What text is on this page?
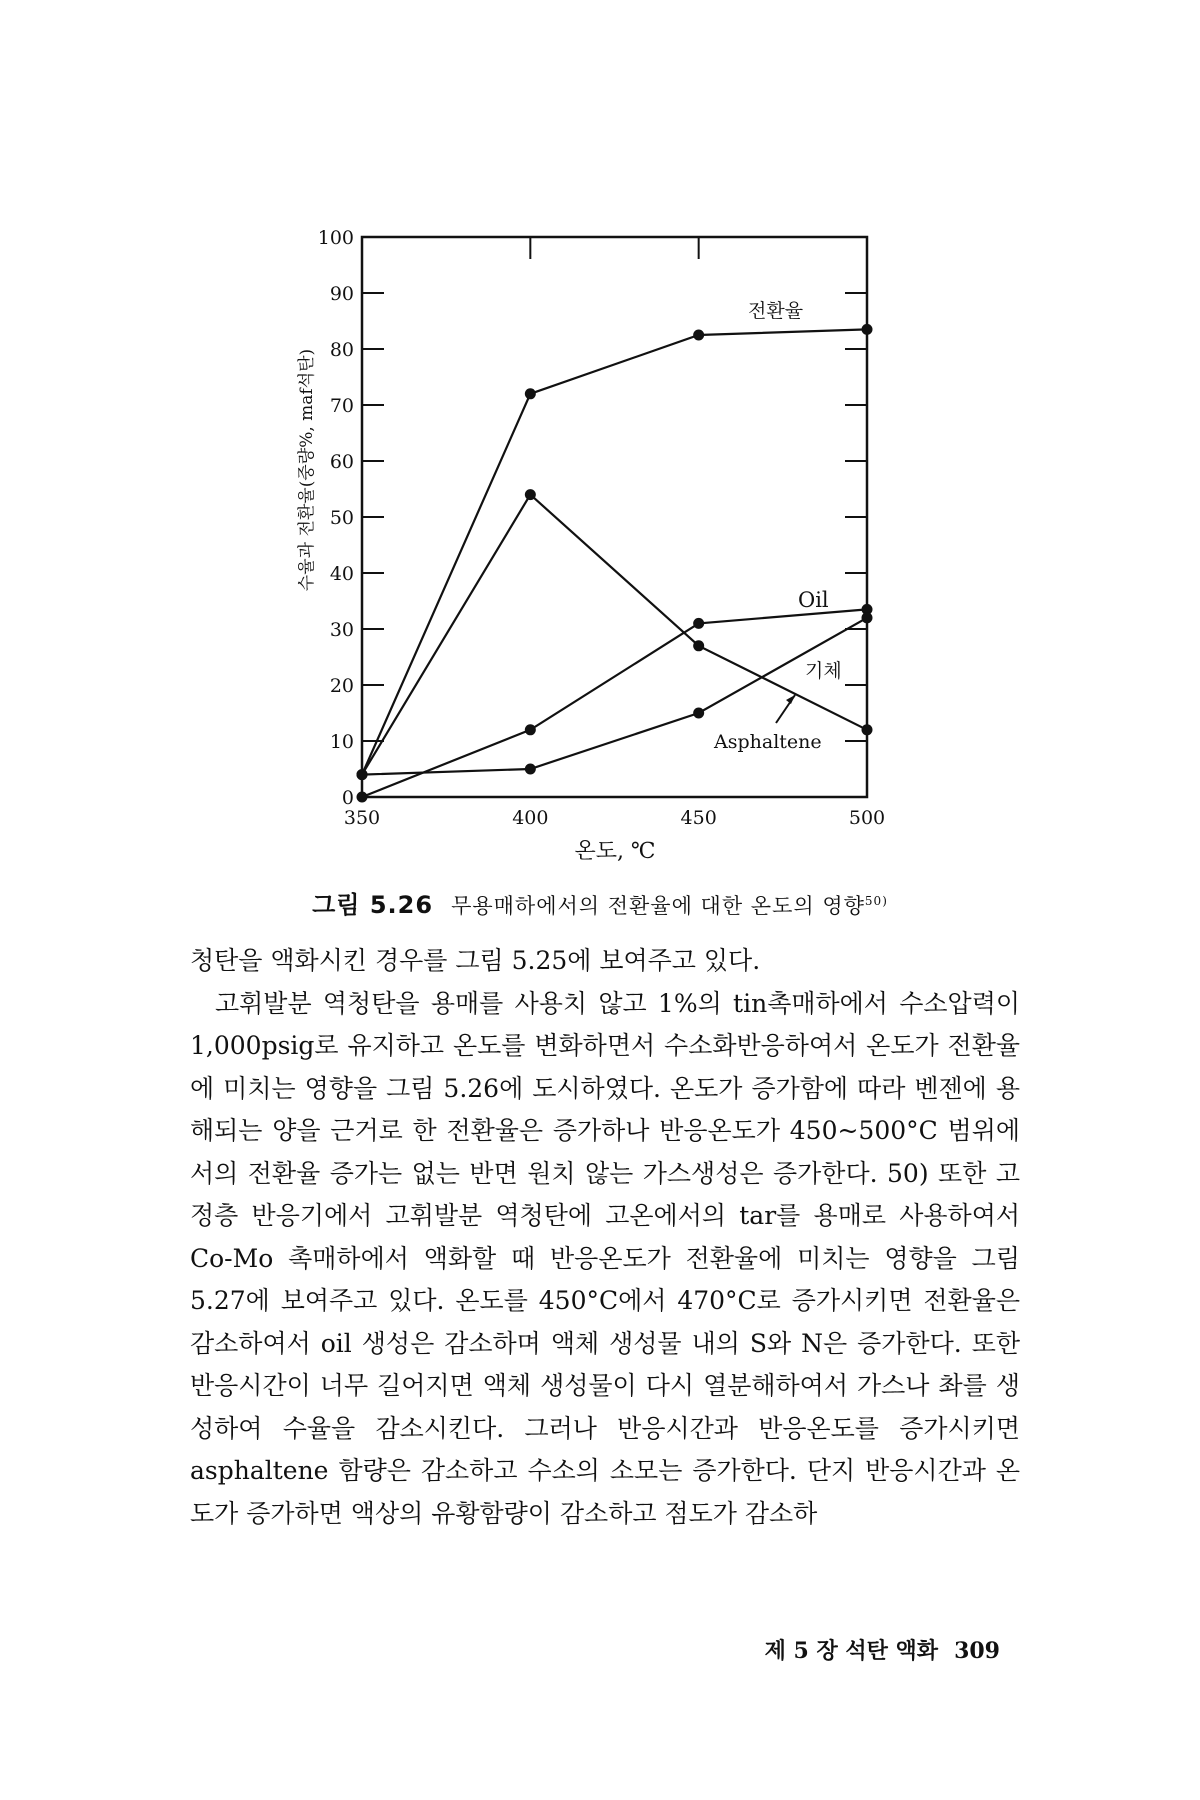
0
10
20
30
40
50
60
70
80
90
100
350	400	450	500
전환율
Oil
기체
Asphaltene
온도, ℃
수율과 전환율(중량%, maf석탄)
그림 5.26 무용매하에서의 전환율에 대한 온도의 영향$^{50)}$

청탄을 액화시킨 경우를 그림 5.25에 보여주고 있다.

고휘발분 역청탄을 용매를 사용치 않고 1%의 tin촉매하에서 수소압력이 1,000psig로 유지하고 온도를 변화하면서 수소화반응하여서 온도가 전환율에 미치는 영향을 그림 5.26에 도시하였다. 온도가 증가함에 따라 벤젠에 용해되는 양을 근거로 한 전환율은 증가하나 반응온도가 450~500°C 범위에서의 전환율 증가는 없는 반면 원치 않는 가스생성은 증가한다. 50) 또한 고정층 반응기에서 고휘발분 역청탄에 고온에서의 tar를 용매로 사용하여서 Co-Mo 촉매하에서 액화할 때 반응온도가 전환율에 미치는 영향을 그림 5.27에 보여주고 있다. 온도를 450°C에서 470°C로 증가시키면 전환율은 감소하여서 oil 생성은 감소하며 액체 생성물 내의 S와 N은 증가한다. 또한 반응시간이 너무 길어지면 액체 생성물이 다시 열분해하여서 가스나 촤를 생성하여 수율을 감소시킨다. 그러나 반응시간과 반응온도를 증가시키면 asphaltene 함량은 감소하고 수소의 소모는 증가한다. 단지 반응시간과 온도가 증가하면 액상의 유황함량이 감소하고 점도가 감소하

제 5 장 석탄 액화 309
